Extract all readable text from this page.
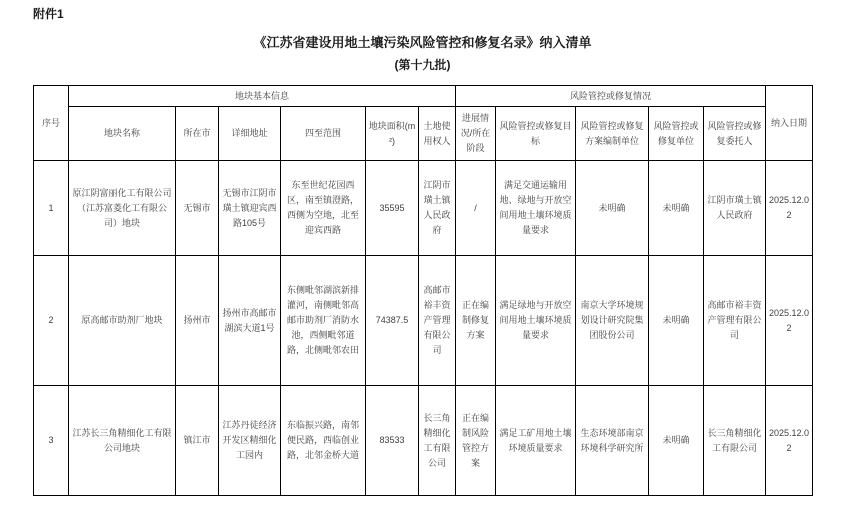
附件1
《江苏省建设用地土壤污染风险管控和修复名录》纳入清单
(第十九批)
序号	地块基本信息						风险管控或修复情况					纳入日期
	地块名称	所在市	详细地址	四至范围	地块面积(m²)	土地使用权人	进展情况/所在阶段	风险管控或修复目标	风险管控或修复方案编制单位	风险管控或修复单位	风险管控或修复委托人	
1	原江阴富丽化工有限公司（江苏富菱化工有限公司）地块	无锡市	无锡市江阴市璜土镇迎宾西路105号	东至世纪花园西区，南至镇澄路，西侧为空地，北至迎宾西路	35595	江阴市璜土镇人民政府	/	满足交通运输用地、绿地与开放空间用地土壤环境质量要求	未明确	未明确	江阴市璜土镇人民政府	2025.12.02
2	原高邮市助剂厂地块	扬州市	扬州市高邮市湖滨大道1号	东侧毗邻湖滨新排灌河，南侧毗邻高邮市助剂厂消防水池，西侧毗邻道路，北侧毗邻农田	74387.5	高邮市裕丰资产管理有限公司	正在编制修复方案	满足绿地与开放空间用地土壤环境质量要求	南京大学环境规划设计研究院集团股份公司	未明确	高邮市裕丰资产管理有限公司	2025.12.02
3	江苏长三角精细化工有限公司地块	镇江市	江苏丹徒经济开发区精细化工园内	东临振兴路，南邻便民路，西临创业路，北邻金桥大道	83533	长三角精细化工有限公司	正在编制风险管控方案	满足工矿用地土壤环境质量要求	生态环境部南京环境科学研究所	未明确	长三角精细化工有限公司	2025.12.02
